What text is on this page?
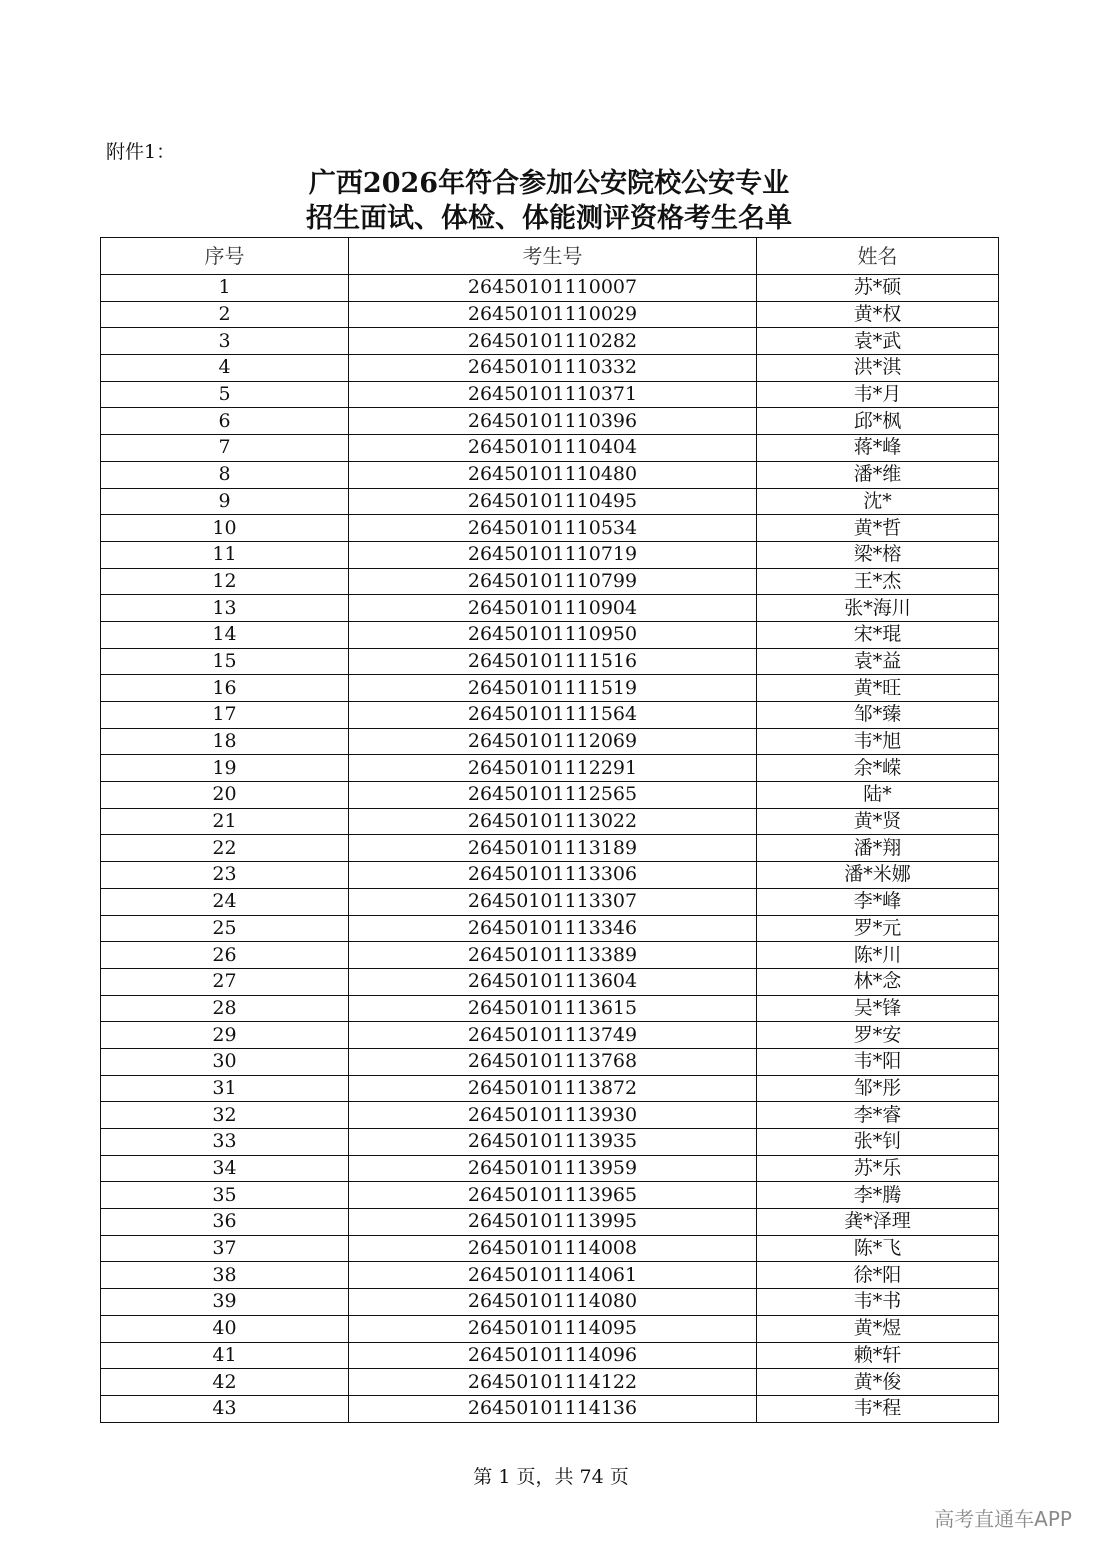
附件1：
广西2026年符合参加公安院校公安专业
招生面试、体检、体能测评资格考生名单
序号	考生号	姓名
1	26450101110007	苏*硕
2	26450101110029	黄*权
3	26450101110282	袁*武
4	26450101110332	洪*淇
5	26450101110371	韦*月
6	26450101110396	邱*枫
7	26450101110404	蒋*峰
8	26450101110480	潘*维
9	26450101110495	沈*
10	26450101110534	黄*哲
11	26450101110719	梁*榕
12	26450101110799	王*杰
13	26450101110904	张*海川
14	26450101110950	宋*琨
15	26450101111516	袁*益
16	26450101111519	黄*旺
17	26450101111564	邹*臻
18	26450101112069	韦*旭
19	26450101112291	余*嵘
20	26450101112565	陆*
21	26450101113022	黄*贤
22	26450101113189	潘*翔
23	26450101113306	潘*米娜
24	26450101113307	李*峰
25	26450101113346	罗*元
26	26450101113389	陈*川
27	26450101113604	林*念
28	26450101113615	吴*锋
29	26450101113749	罗*安
30	26450101113768	韦*阳
31	26450101113872	邹*彤
32	26450101113930	李*睿
33	26450101113935	张*钊
34	26450101113959	苏*乐
35	26450101113965	李*腾
36	26450101113995	龚*泽理
37	26450101114008	陈*飞
38	26450101114061	徐*阳
39	26450101114080	韦*书
40	26450101114095	黄*煜
41	26450101114096	赖*轩
42	26450101114122	黄*俊
43	26450101114136	韦*程
第 1 页，共 74 页
高考直通车APP
